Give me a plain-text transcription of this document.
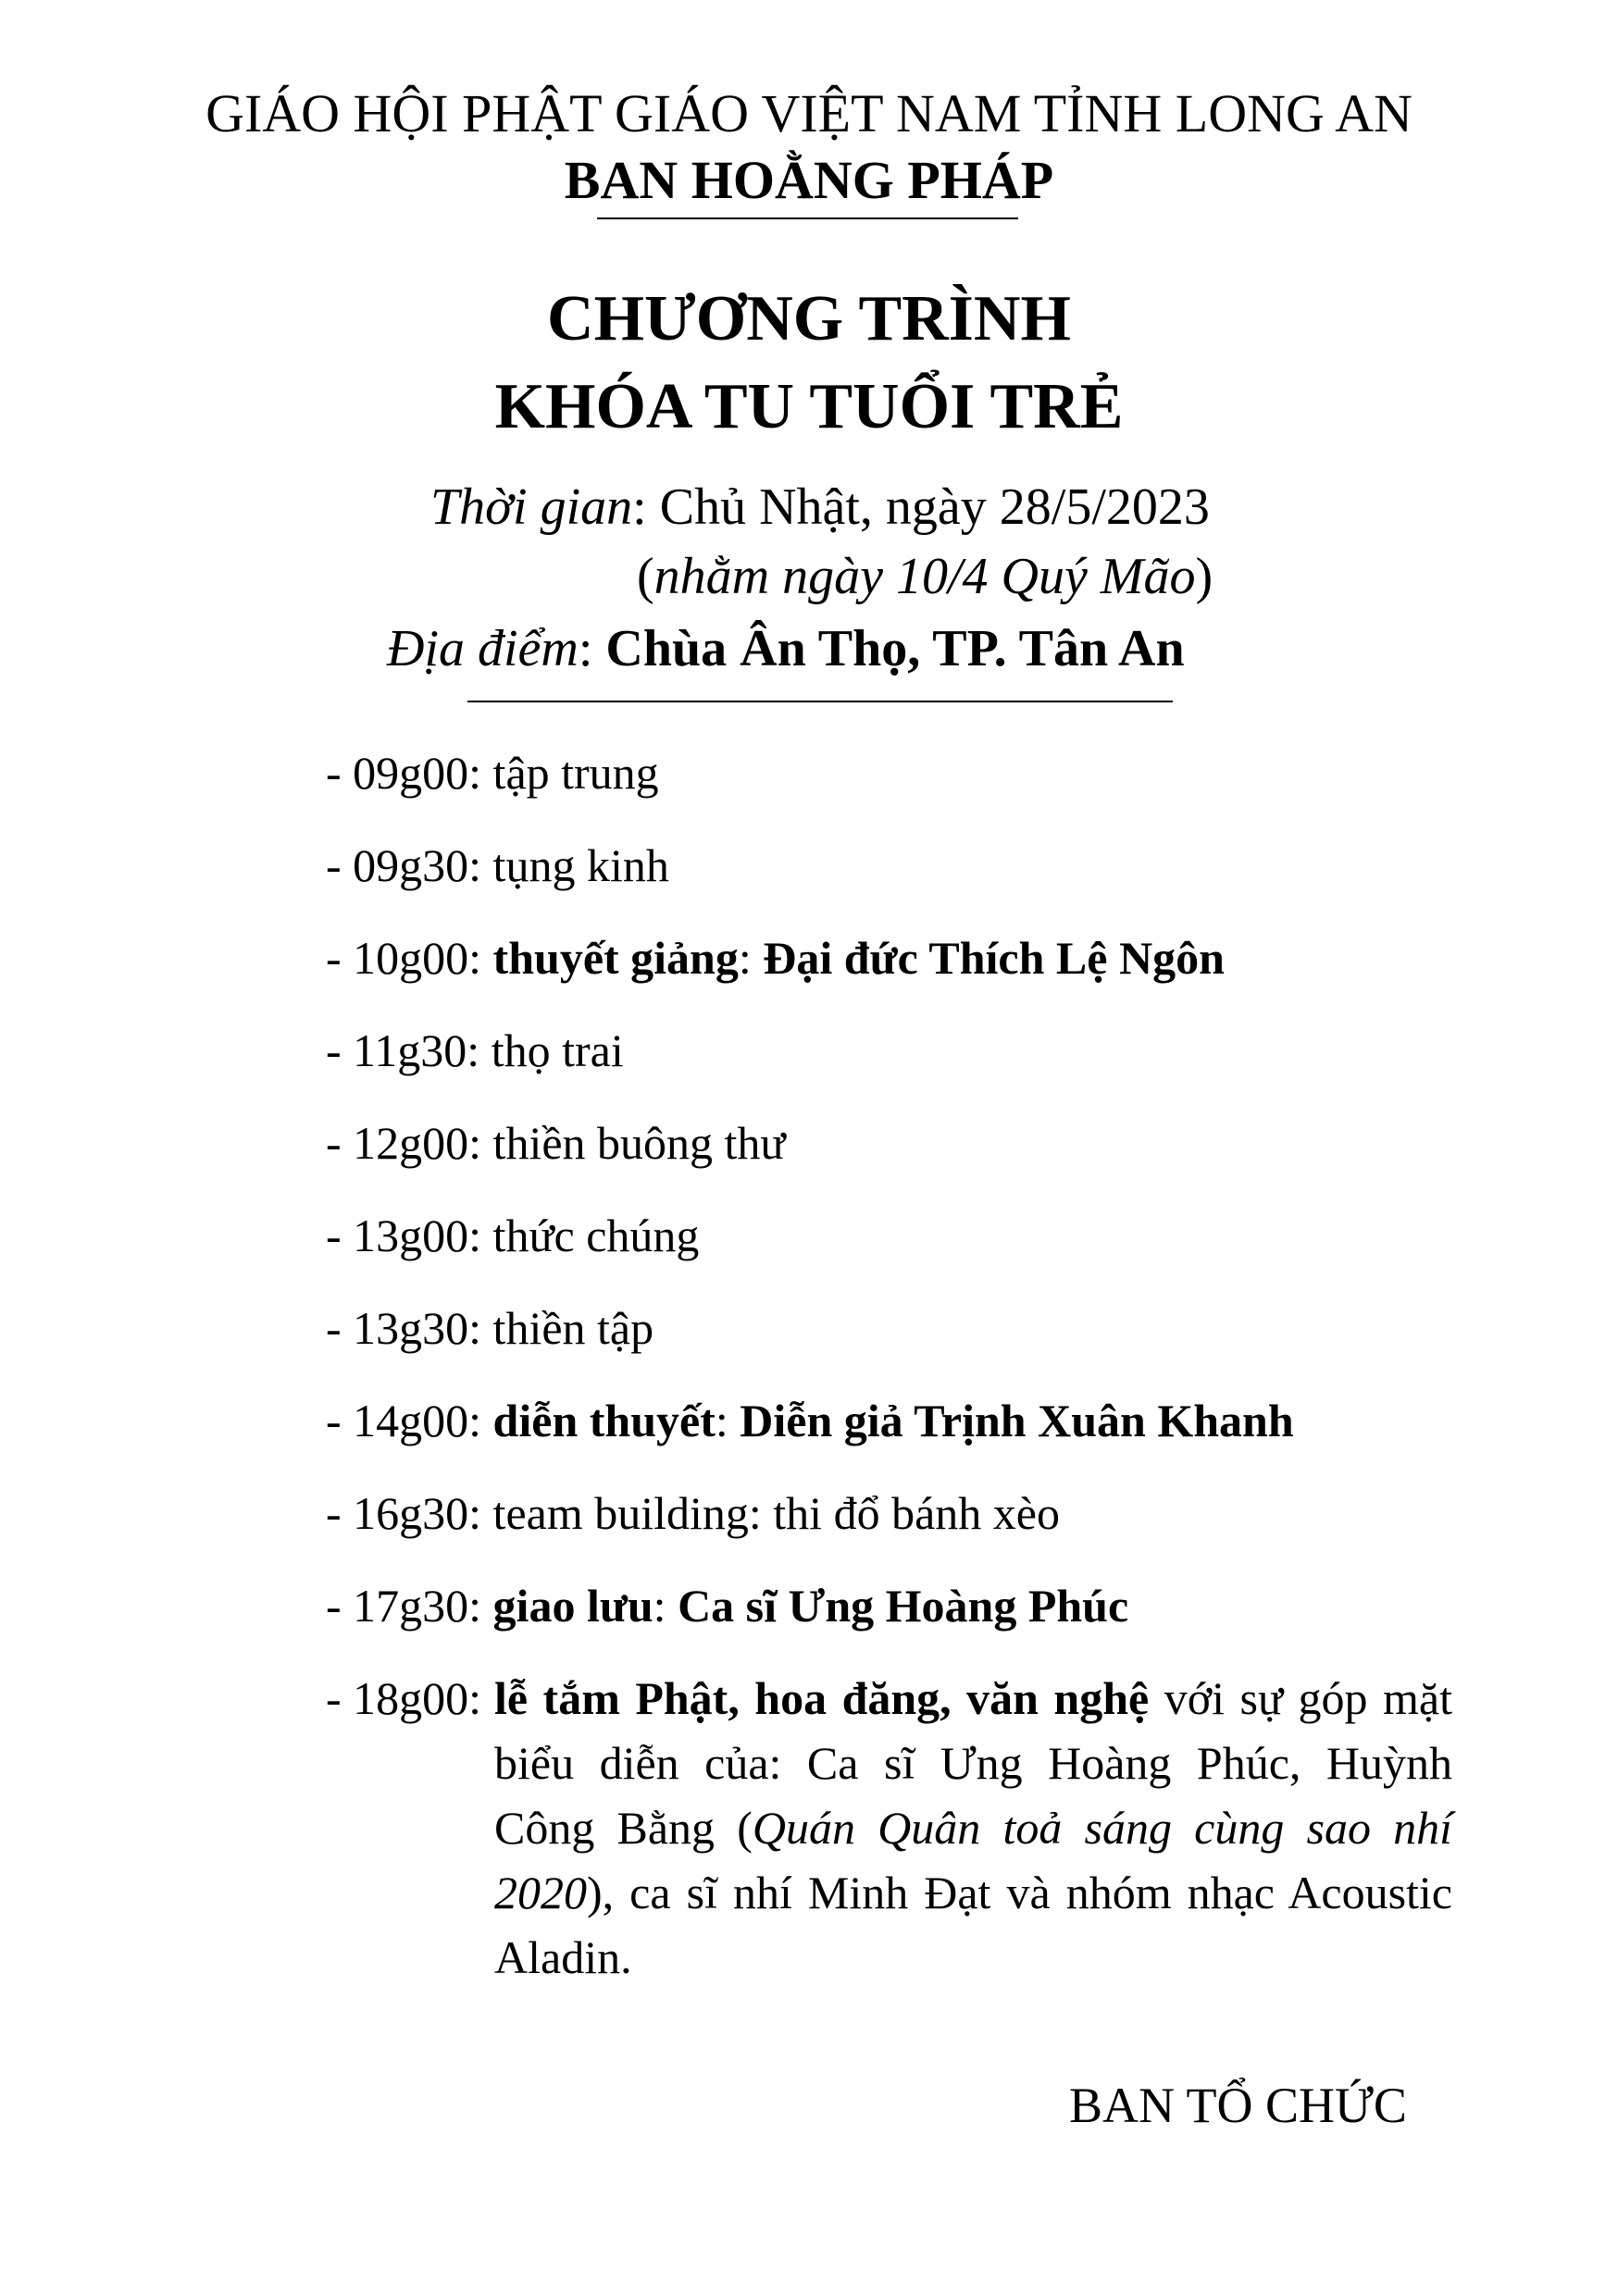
GIÁO HỘI PHẬT GIÁO VIỆT NAM TỈNH LONG AN
BAN HOẰNG PHÁP
CHƯƠNG TRÌNH
KHÓA TU TUỔI TRẺ
Thời gian: Chủ Nhật, ngày 28/5/2023
(nhằm ngày 10/4 Quý Mão)
Địa điểm: Chùa Ân Thọ, TP. Tân An
- 09g00: tập trung
- 09g30: tụng kinh
- 10g00: thuyết giảng: Đại đức Thích Lệ Ngôn
- 11g30: thọ trai
- 12g00: thiền buông thư
- 13g00: thức chúng
- 13g30: thiền tập
- 14g00: diễn thuyết: Diễn giả Trịnh Xuân Khanh
- 16g30: team building: thi đổ bánh xèo
- 17g30: giao lưu: Ca sĩ Ưng Hoàng Phúc
- 18g00: lễ tắm Phật, hoa đăng, văn nghệ với sự góp mặt biểu diễn của: Ca sĩ Ưng Hoàng Phúc, Huỳnh Công Bằng (Quán Quân toả sáng cùng sao nhí 2020), ca sĩ nhí Minh Đạt và nhóm nhạc Acoustic Aladin.
BAN TỔ CHỨC
